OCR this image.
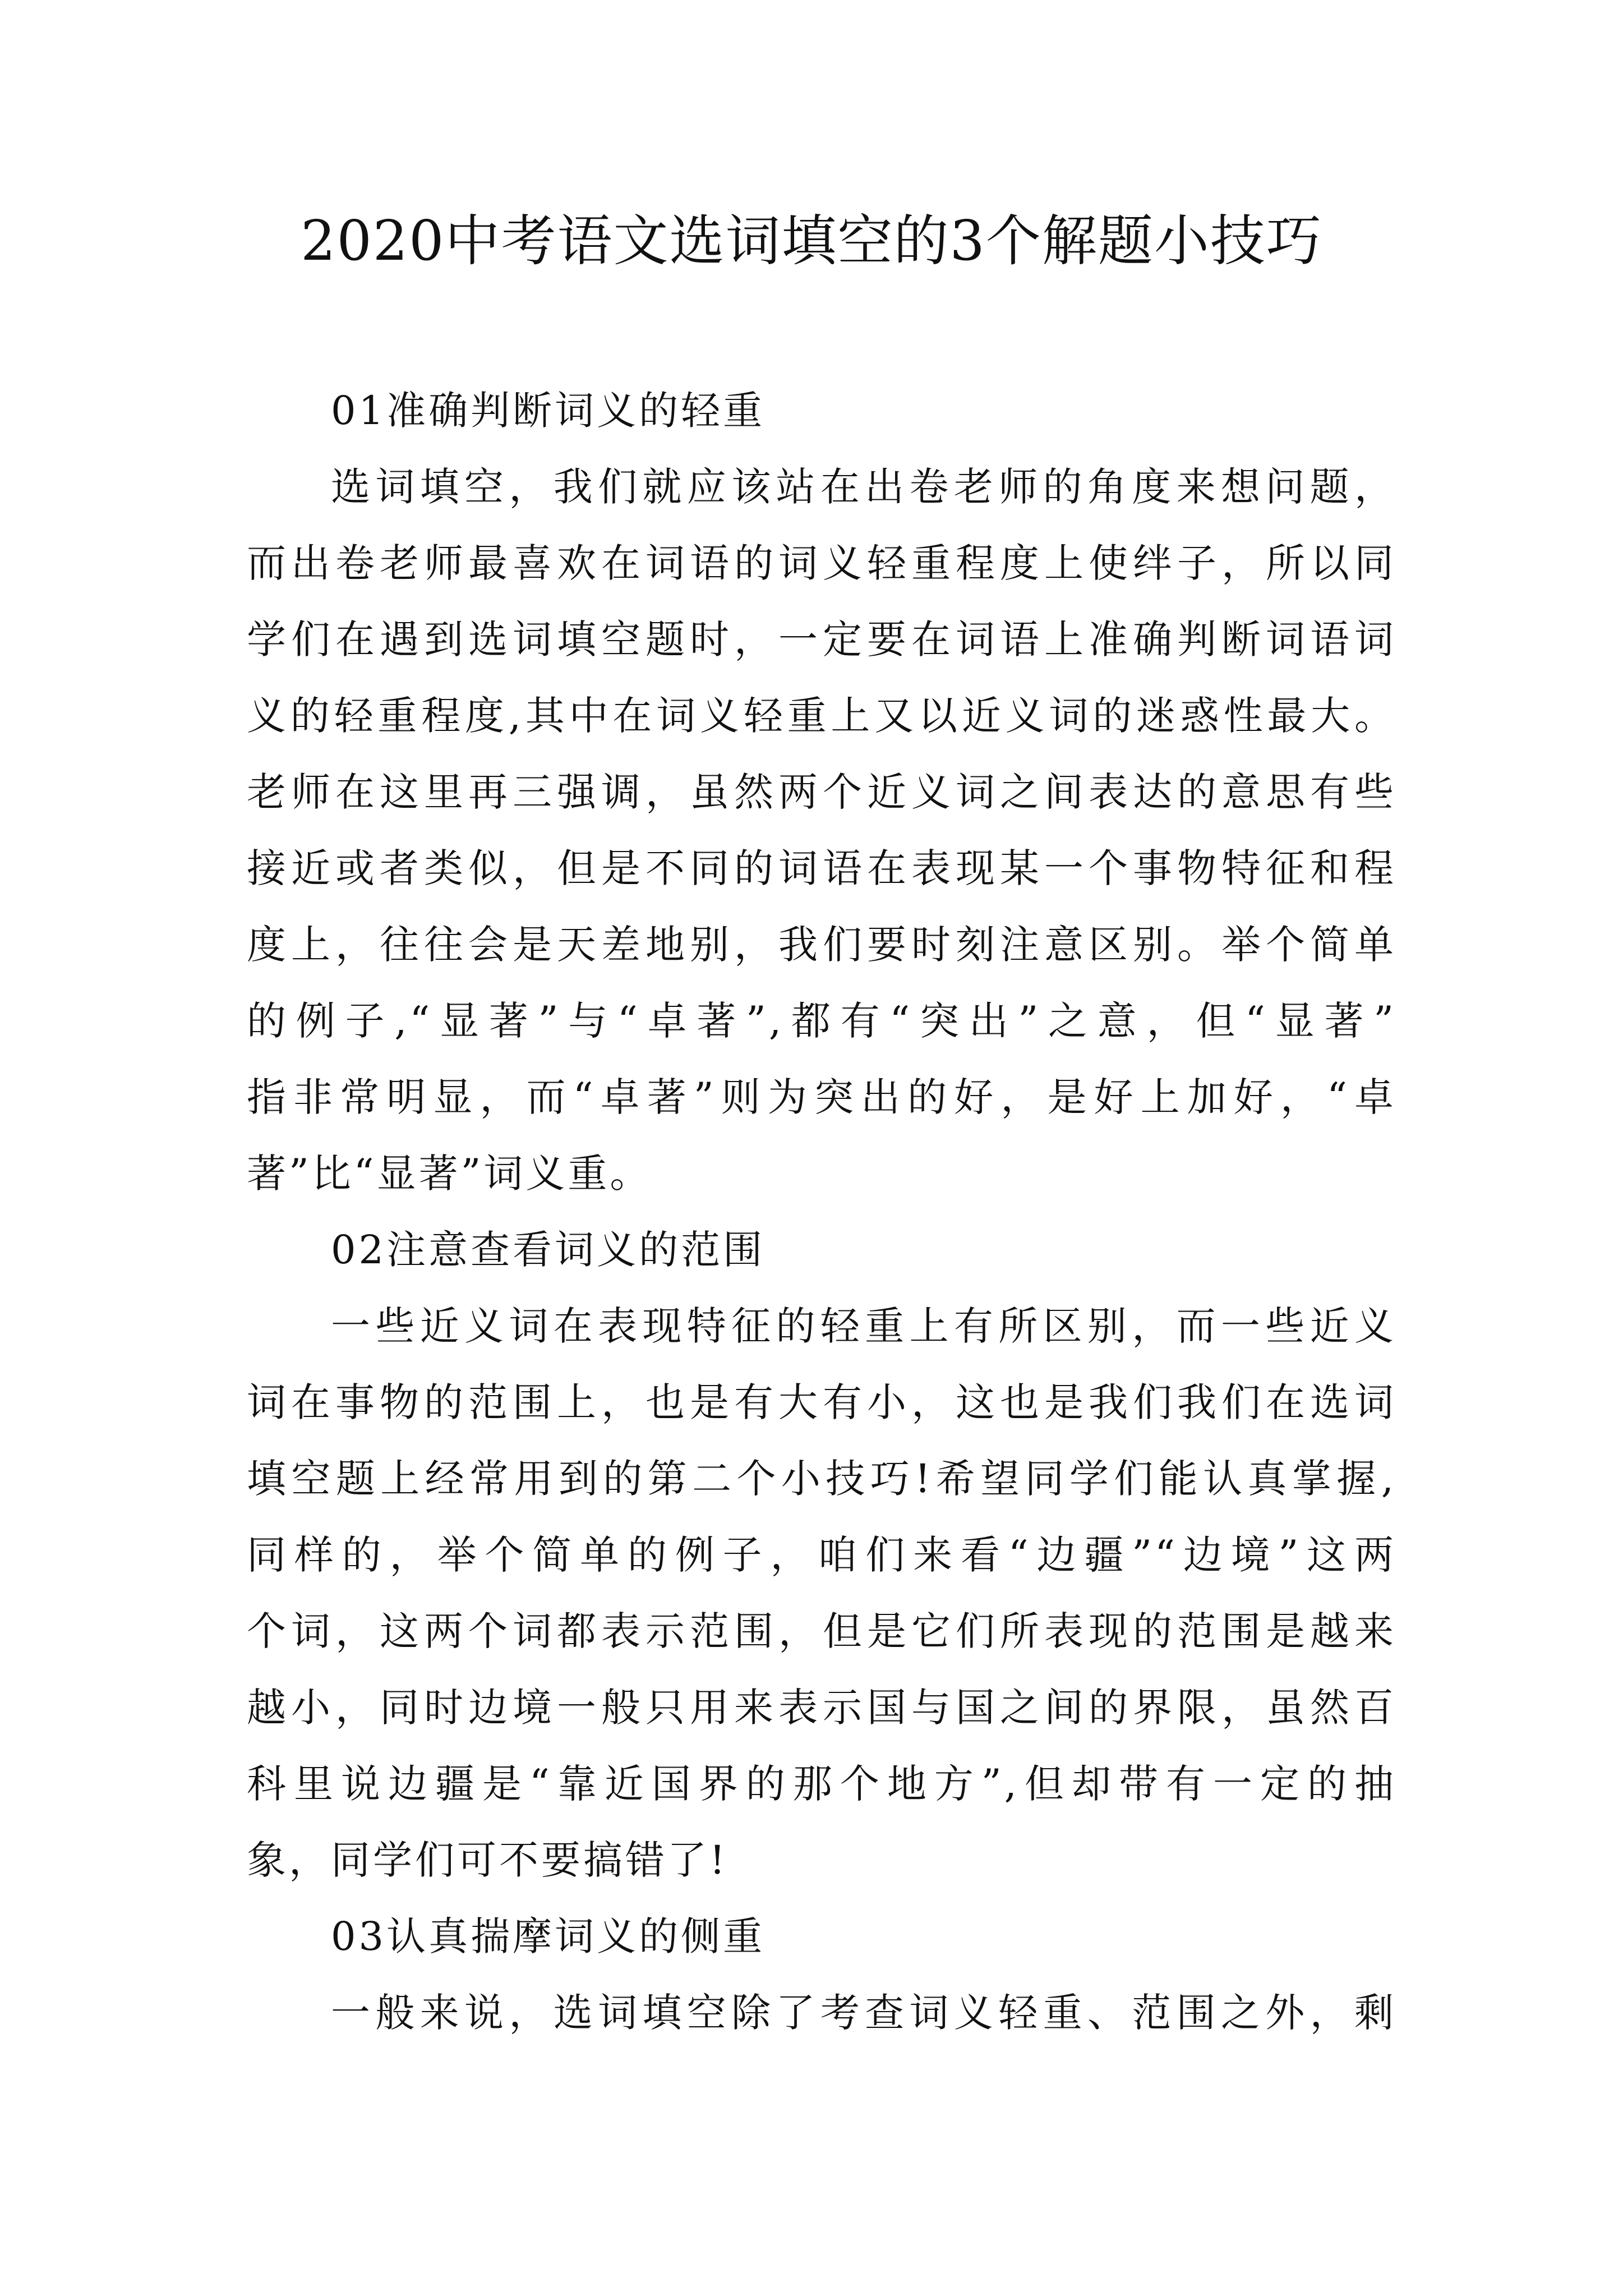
2020中考语文选词填空的3个解题小技巧
01准确判断词义的轻重
选词填空，我们就应该站在出卷老师的角度来想问题，
而出卷老师最喜欢在词语的词义轻重程度上使绊子，所以同
学们在遇到选词填空题时，一定要在词语上准确判断词语词
义的轻重程度,其中在词义轻重上又以近义词的迷惑性最大。
老师在这里再三强调，虽然两个近义词之间表达的意思有些
接近或者类似，但是不同的词语在表现某一个事物特征和程
度上，往往会是天差地别，我们要时刻注意区别。举个简单
的例子,“显著”与“卓著”,都有“突出”之意，但“显著”
指非常明显，而“卓著”则为突出的好，是好上加好，“卓
著”比“显著”词义重。
02注意查看词义的范围
一些近义词在表现特征的轻重上有所区别，而一些近义
词在事物的范围上，也是有大有小，这也是我们我们在选词
填空题上经常用到的第二个小技巧!希望同学们能认真掌握,
同样的，举个简单的例子，咱们来看“边疆”“边境”这两
个词，这两个词都表示范围，但是它们所表现的范围是越来
越小，同时边境一般只用来表示国与国之间的界限，虽然百
科里说边疆是“靠近国界的那个地方”,但却带有一定的抽
象，同学们可不要搞错了!
03认真揣摩词义的侧重
一般来说，选词填空除了考查词义轻重、范围之外，剩
